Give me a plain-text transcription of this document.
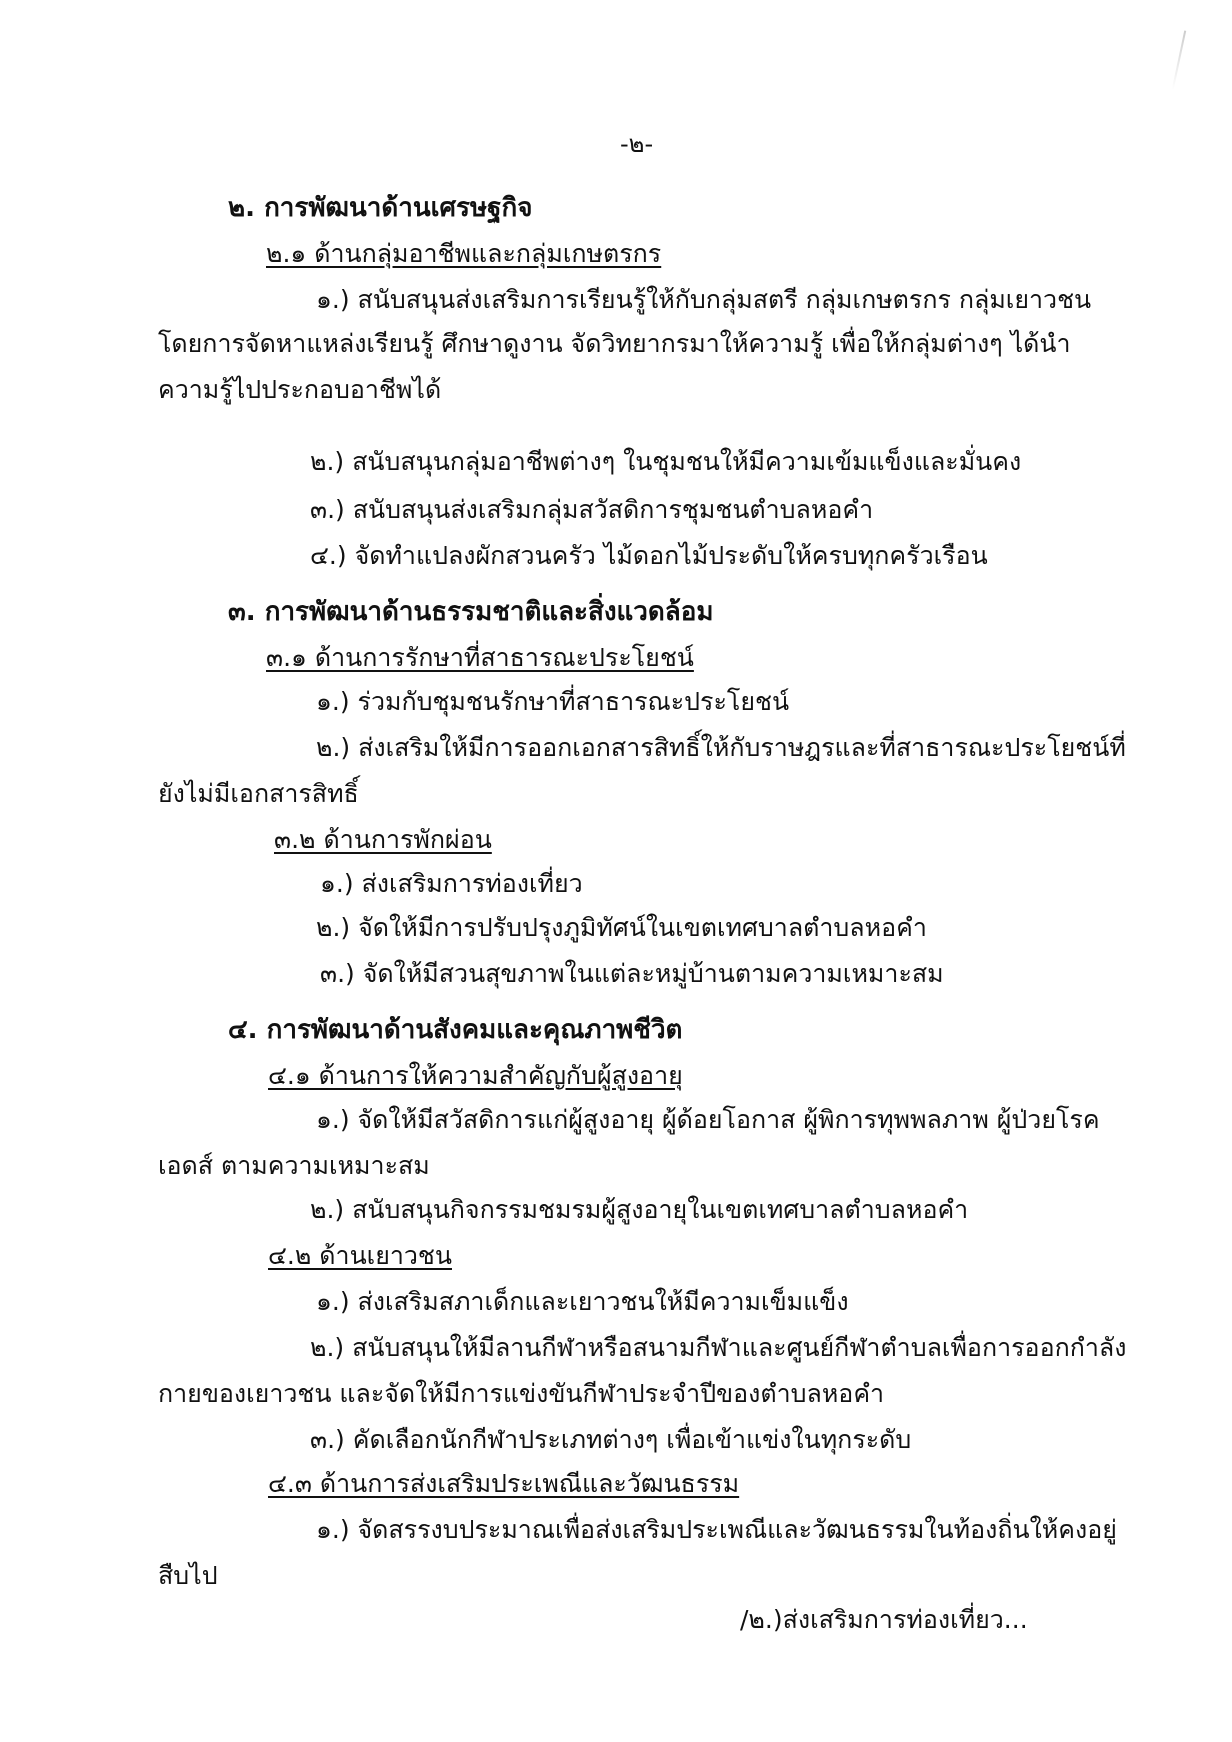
-๒-
๒. การพัฒนาด้านเศรษฐกิจ
๒.๑ ด้านกลุ่มอาชีพและกลุ่มเกษตรกร
๑.) สนับสนุนส่งเสริมการเรียนรู้ให้กับกลุ่มสตรี กลุ่มเกษตรกร กลุ่มเยาวชน
โดยการจัดหาแหล่งเรียนรู้ ศึกษาดูงาน จัดวิทยากรมาให้ความรู้ เพื่อให้กลุ่มต่างๆ ได้นำ
ความรู้ไปประกอบอาชีพได้
๒.) สนับสนุนกลุ่มอาชีพต่างๆ ในชุมชนให้มีความเข้มแข็งและมั่นคง
๓.) สนับสนุนส่งเสริมกลุ่มสวัสดิการชุมชนตำบลหอคำ
๔.) จัดทำแปลงผักสวนครัว ไม้ดอกไม้ประดับให้ครบทุกครัวเรือน
๓. การพัฒนาด้านธรรมชาติและสิ่งแวดล้อม
๓.๑ ด้านการรักษาที่สาธารณะประโยชน์
๑.) ร่วมกับชุมชนรักษาที่สาธารณะประโยชน์
๒.) ส่งเสริมให้มีการออกเอกสารสิทธิ์ให้กับราษฎรและที่สาธารณะประโยชน์ที่
ยังไม่มีเอกสารสิทธิ์
๓.๒ ด้านการพักผ่อน
๑.) ส่งเสริมการท่องเที่ยว
๒.) จัดให้มีการปรับปรุงภูมิทัศน์ในเขตเทศบาลตำบลหอคำ
๓.) จัดให้มีสวนสุขภาพในแต่ละหมู่บ้านตามความเหมาะสม
๔. การพัฒนาด้านสังคมและคุณภาพชีวิต
๔.๑ ด้านการให้ความสำคัญกับผู้สูงอายุ
๑.) จัดให้มีสวัสดิการแก่ผู้สูงอายุ ผู้ด้อยโอกาส ผู้พิการทุพพลภาพ ผู้ป่วยโรค
เอดส์ ตามความเหมาะสม
๒.) สนับสนุนกิจกรรมชมรมผู้สูงอายุในเขตเทศบาลตำบลหอคำ
๔.๒ ด้านเยาวชน
๑.) ส่งเสริมสภาเด็กและเยาวชนให้มีความเข็มแข็ง
๒.) สนับสนุนให้มีลานกีฬาหรือสนามกีฬาและศูนย์กีฬาตำบลเพื่อการออกกำลัง
กายของเยาวชน และจัดให้มีการแข่งขันกีฬาประจำปีของตำบลหอคำ
๓.) คัดเลือกนักกีฬาประเภทต่างๆ เพื่อเข้าแข่งในทุกระดับ
๔.๓ ด้านการส่งเสริมประเพณีและวัฒนธรรม
๑.) จัดสรรงบประมาณเพื่อส่งเสริมประเพณีและวัฒนธรรมในท้องถิ่นให้คงอยู่
สืบไป
/๒.)ส่งเสริมการท่องเที่ยว...
